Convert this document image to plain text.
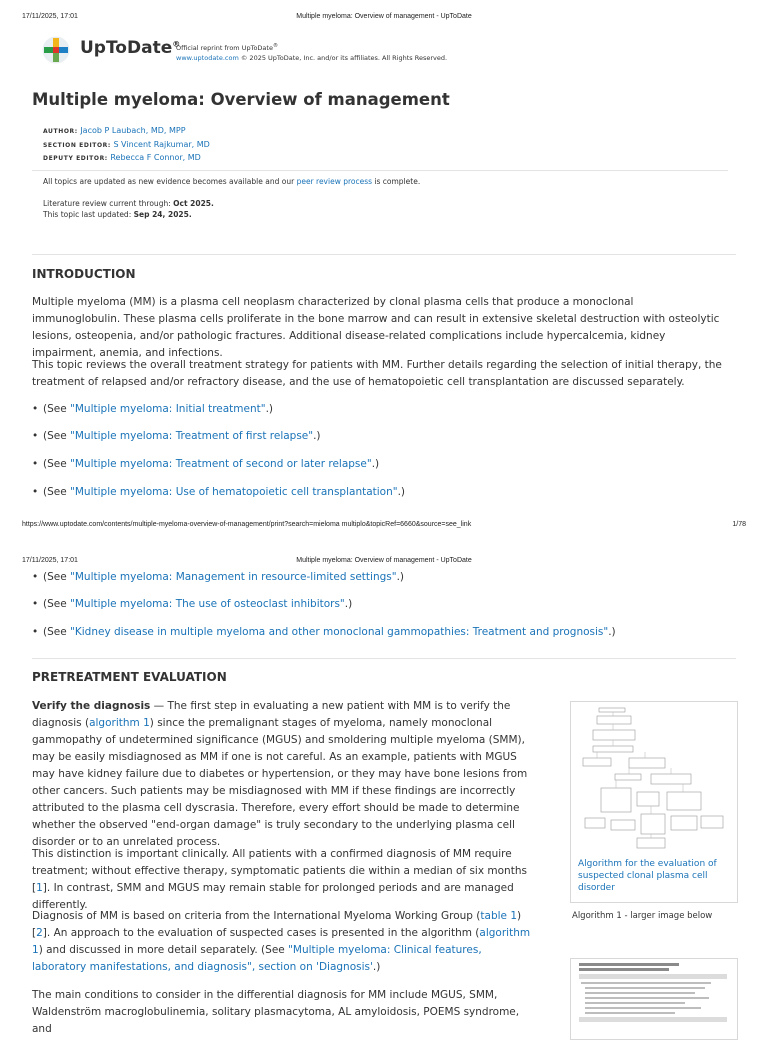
17/11/2025, 17:01	Multiple myeloma: Overview of management - UpToDate
UpToDate®
Official reprint from UpToDate®
www.uptodate.com © 2025 UpToDate, Inc. and/or its affiliates. All Rights Reserved.
Multiple myeloma: Overview of management
AUTHOR: Jacob P Laubach, MD, MPP
SECTION EDITOR: S Vincent Rajkumar, MD
DEPUTY EDITOR: Rebecca F Connor, MD
All topics are updated as new evidence becomes available and our peer review process is complete.
Literature review current through: Oct 2025.
This topic last updated: Sep 24, 2025.
INTRODUCTION

Multiple myeloma (MM) is a plasma cell neoplasm characterized by clonal plasma cells that produce a monoclonal immunoglobulin. These plasma cells proliferate in the bone marrow and can result in extensive skeletal destruction with osteolytic lesions, osteopenia, and/or pathologic fractures. Additional disease-related complications include hypercalcemia, kidney impairment, anemia, and infections.

This topic reviews the overall treatment strategy for patients with MM. Further details regarding the selection of initial therapy, the treatment of relapsed and/or refractory disease, and the use of hematopoietic cell transplantation are discussed separately.

• (See "Multiple myeloma: Initial treatment".)
• (See "Multiple myeloma: Treatment of first relapse".)
• (See "Multiple myeloma: Treatment of second or later relapse".)
• (See "Multiple myeloma: Use of hematopoietic cell transplantation".)
https://www.uptodate.com/contents/multiple-myeloma-overview-of-management/print?search=mieloma multiplo&topicRef=6660&source=see_link	1/78
17/11/2025, 17:01	Multiple myeloma: Overview of management - UpToDate
• (See "Multiple myeloma: Management in resource-limited settings".)
• (See "Multiple myeloma: The use of osteoclast inhibitors".)
• (See "Kidney disease in multiple myeloma and other monoclonal gammopathies: Treatment and prognosis".)
PRETREATMENT EVALUATION

Verify the diagnosis — The first step in evaluating a new patient with MM is to verify the diagnosis (algorithm 1) since the premalignant stages of myeloma, namely monoclonal gammopathy of undetermined significance (MGUS) and smoldering multiple myeloma (SMM), may be easily misdiagnosed as MM if one is not careful. As an example, patients with MGUS may have kidney failure due to diabetes or hypertension, or they may have bone lesions from other cancers. Such patients may be misdiagnosed with MM if these findings are incorrectly attributed to the plasma cell dyscrasia. Therefore, every effort should be made to determine whether the observed "end-organ damage" is truly secondary to the underlying plasma cell disorder or to an unrelated process.

This distinction is important clinically. All patients with a confirmed diagnosis of MM require treatment; without effective therapy, symptomatic patients die within a median of six months [1]. In contrast, SMM and MGUS may remain stable for prolonged periods and are managed differently.

Diagnosis of MM is based on criteria from the International Myeloma Working Group (table 1) [2]. An approach to the evaluation of suspected cases is presented in the algorithm (algorithm 1) and discussed in more detail separately. (See "Multiple myeloma: Clinical features, laboratory manifestations, and diagnosis", section on 'Diagnosis'.)

The main conditions to consider in the differential diagnosis for MM include MGUS, SMM, Waldenström macroglobulinemia, solitary plasmacytoma, AL amyloidosis, POEMS syndrome, and

Algorithm for the evaluation of suspected clonal plasma cell disorder
Algorithm 1 - larger image below
